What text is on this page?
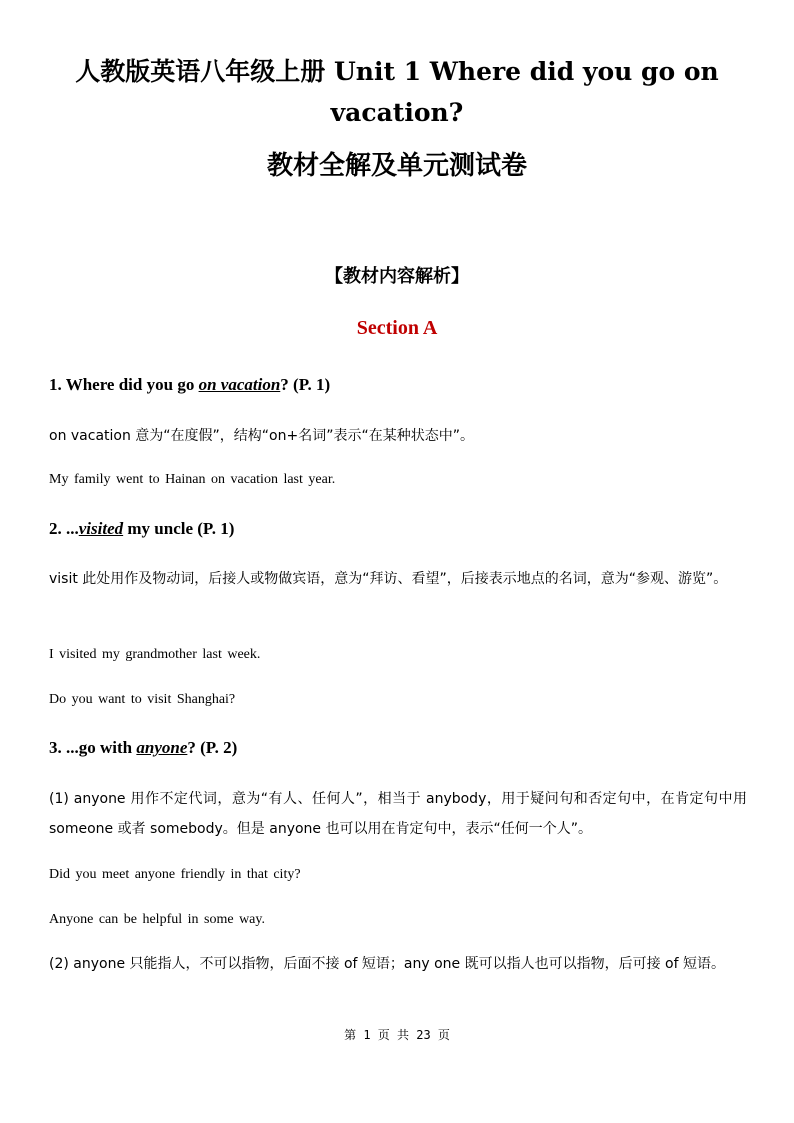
人教版英语八年级上册 Unit 1 Where did you go on
vacation?
教材全解及单元测试卷
【教材内容解析】
Section A
1. Where did you go on vacation? (P. 1)
on vacation 意为“在度假”，结构“on+名词”表示“在某种状态中”。
My family went to Hainan on vacation last year.
2. ...visited my uncle (P. 1)
visit 此处用作及物动词，后接人或物做宾语，意为“拜访、看望”，后接表示地点的名词，意为“参观、游览”。
I visited my grandmother last week.
Do you want to visit Shanghai?
3. ...go with anyone? (P. 2)
(1) anyone 用作不定代词，意为“有人、任何人”，相当于 anybody，用于疑问句和否定句中，在肯定句中用 someone 或者 somebody。但是 anyone 也可以用在肯定句中，表示“任何一个人”。
Did you meet anyone friendly in that city?
Anyone can be helpful in some way.
(2) anyone 只能指人，不可以指物，后面不接 of 短语；any one 既可以指人也可以指物，后可接 of 短语。
第 1 页 共 23 页
